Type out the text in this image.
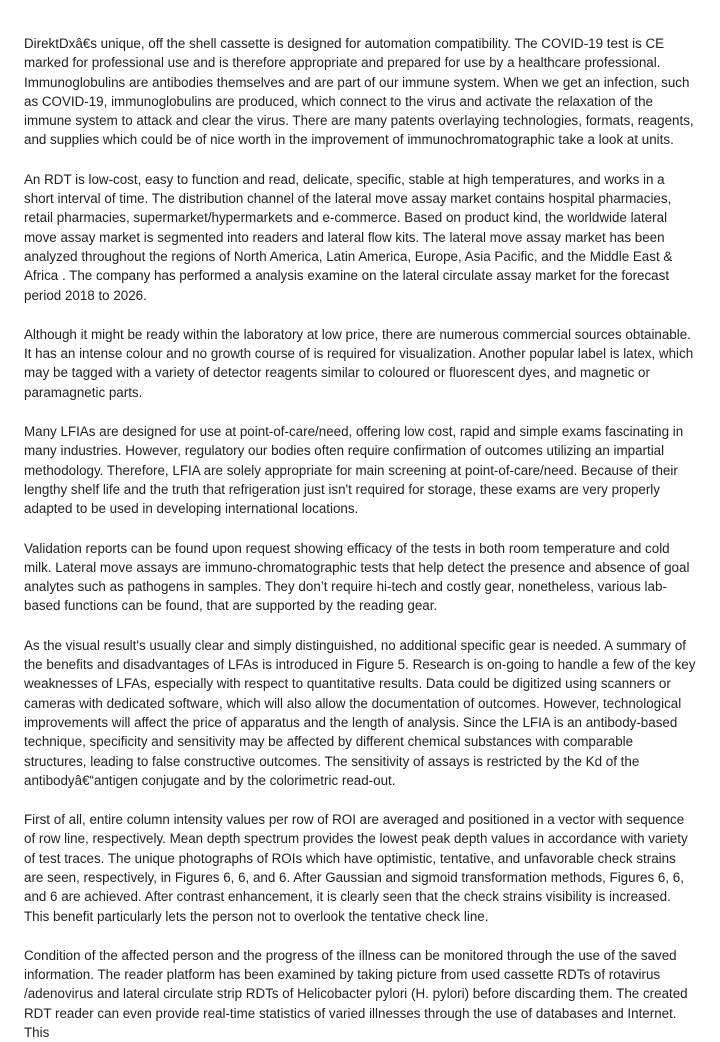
DirektDxâ€s unique, off the shell cassette is designed for automation compatibility. The COVID-19 test is CE marked for professional use and is therefore appropriate and prepared for use by a healthcare professional. Immunoglobulins are antibodies themselves and are part of our immune system. When we get an infection, such as COVID-19, immunoglobulins are produced, which connect to the virus and activate the relaxation of the immune system to attack and clear the virus. There are many patents overlaying technologies, formats, reagents, and supplies which could be of nice worth in the improvement of immunochromatographic take a look at units.

An RDT is low-cost, easy to function and read, delicate, specific, stable at high temperatures, and works in a short interval of time. The distribution channel of the lateral move assay market contains hospital pharmacies, retail pharmacies, supermarket/hypermarkets and e-commerce. Based on product kind, the worldwide lateral move assay market is segmented into readers and lateral flow kits. The lateral move assay market has been analyzed throughout the regions of North America, Latin America, Europe, Asia Pacific, and the Middle East & Africa . The company has performed a analysis examine on the lateral circulate assay market for the forecast period 2018 to 2026.

Although it might be ready within the laboratory at low price, there are numerous commercial sources obtainable. It has an intense colour and no growth course of is required for visualization. Another popular label is latex, which may be tagged with a variety of detector reagents similar to coloured or fluorescent dyes, and magnetic or paramagnetic parts.

Many LFIAs are designed for use at point-of-care/need, offering low cost, rapid and simple exams fascinating in many industries. However, regulatory our bodies often require confirmation of outcomes utilizing an impartial methodology. Therefore, LFIA are solely appropriate for main screening at point-of-care/need. Because of their lengthy shelf life and the truth that refrigeration just isn't required for storage, these exams are very properly adapted to be used in developing international locations.

Validation reports can be found upon request showing efficacy of the tests in both room temperature and cold milk. Lateral move assays are immuno-chromatographic tests that help detect the presence and absence of goal analytes such as pathogens in samples. They don’t require hi-tech and costly gear, nonetheless, various lab-based functions can be found, that are supported by the reading gear.

As the visual result's usually clear and simply distinguished, no additional specific gear is needed. A summary of the benefits and disadvantages of LFAs is introduced in Figure 5. Research is on-going to handle a few of the key weaknesses of LFAs, especially with respect to quantitative results. Data could be digitized using scanners or cameras with dedicated software, which will also allow the documentation of outcomes. However, technological improvements will affect the price of apparatus and the length of analysis. Since the LFIA is an antibody-based technique, specificity and sensitivity may be affected by different chemical substances with comparable structures, leading to false constructive outcomes. The sensitivity of assays is restricted by the Kd of the antibodyâ€“antigen conjugate and by the colorimetric read-out.

First of all, entire column intensity values per row of ROI are averaged and positioned in a vector with sequence of row line, respectively. Mean depth spectrum provides the lowest peak depth values in accordance with variety of test traces. The unique photographs of ROIs which have optimistic, tentative, and unfavorable check strains are seen, respectively, in Figures 6, 6, and 6. After Gaussian and sigmoid transformation methods, Figures 6, 6, and 6 are achieved. After contrast enhancement, it is clearly seen that the check strains visibility is increased. This benefit particularly lets the person not to overlook the tentative check line.

Condition of the affected person and the progress of the illness can be monitored through the use of the saved information. The reader platform has been examined by taking picture from used cassette RDTs of rotavirus /adenovirus and lateral circulate strip RDTs of Helicobacter pylori (H. pylori) before discarding them. The created RDT reader can even provide real-time statistics of varied illnesses through the use of databases and Internet. This
